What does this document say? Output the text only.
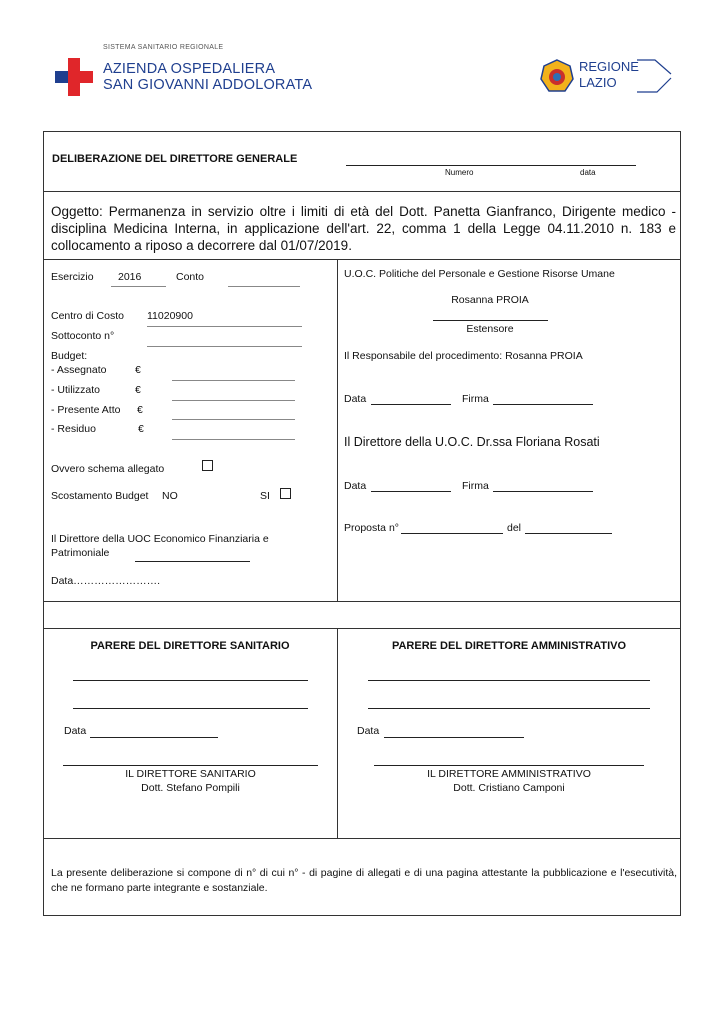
SISTEMA SANITARIO REGIONALE
AZIENDA OSPEDALIERA
SAN GIOVANNI ADDOLORATA
REGIONE
LAZIO
DELIBERAZIONE DEL DIRETTORE GENERALE
Numero	data
Oggetto: Permanenza in servizio oltre i limiti di età del Dott. Panetta Gianfranco, Dirigente medico - disciplina Medicina Interna, in applicazione dell'art. 22, comma 1 della Legge 04.11.2010 n. 183 e collocamento a riposo a decorrere dal 01/07/2019.
Esercizio 2016	Conto
Centro di Costo 11020900
Sottoconto n°
Budget:
- Assegnato	€
- Utilizzato	€
- Presente Atto €
- Residuo	€
Ovvero schema allegato
Scostamento Budget NO	SI
Il Direttore della UOC Economico Finanziaria e
Patrimoniale
Data…………………….
U.O.C. Politiche del Personale e Gestione Risorse Umane
Rosanna PROIA
Estensore
Il Responsabile del procedimento: Rosanna PROIA
Data	Firma
Il Direttore della U.O.C. Dr.ssa Floriana Rosati
Data	Firma
Proposta n°	del
PARERE DEL DIRETTORE SANITARIO	PARERE DEL DIRETTORE AMMINISTRATIVO
Data	Data
IL DIRETTORE SANITARIO
Dott. Stefano Pompili
IL DIRETTORE AMMINISTRATIVO
Dott. Cristiano Camponi
La presente deliberazione si compone di n° di cui n° - di pagine di allegati e di una pagina attestante la pubblicazione e l'esecutività, che ne formano parte integrante e sostanziale.
